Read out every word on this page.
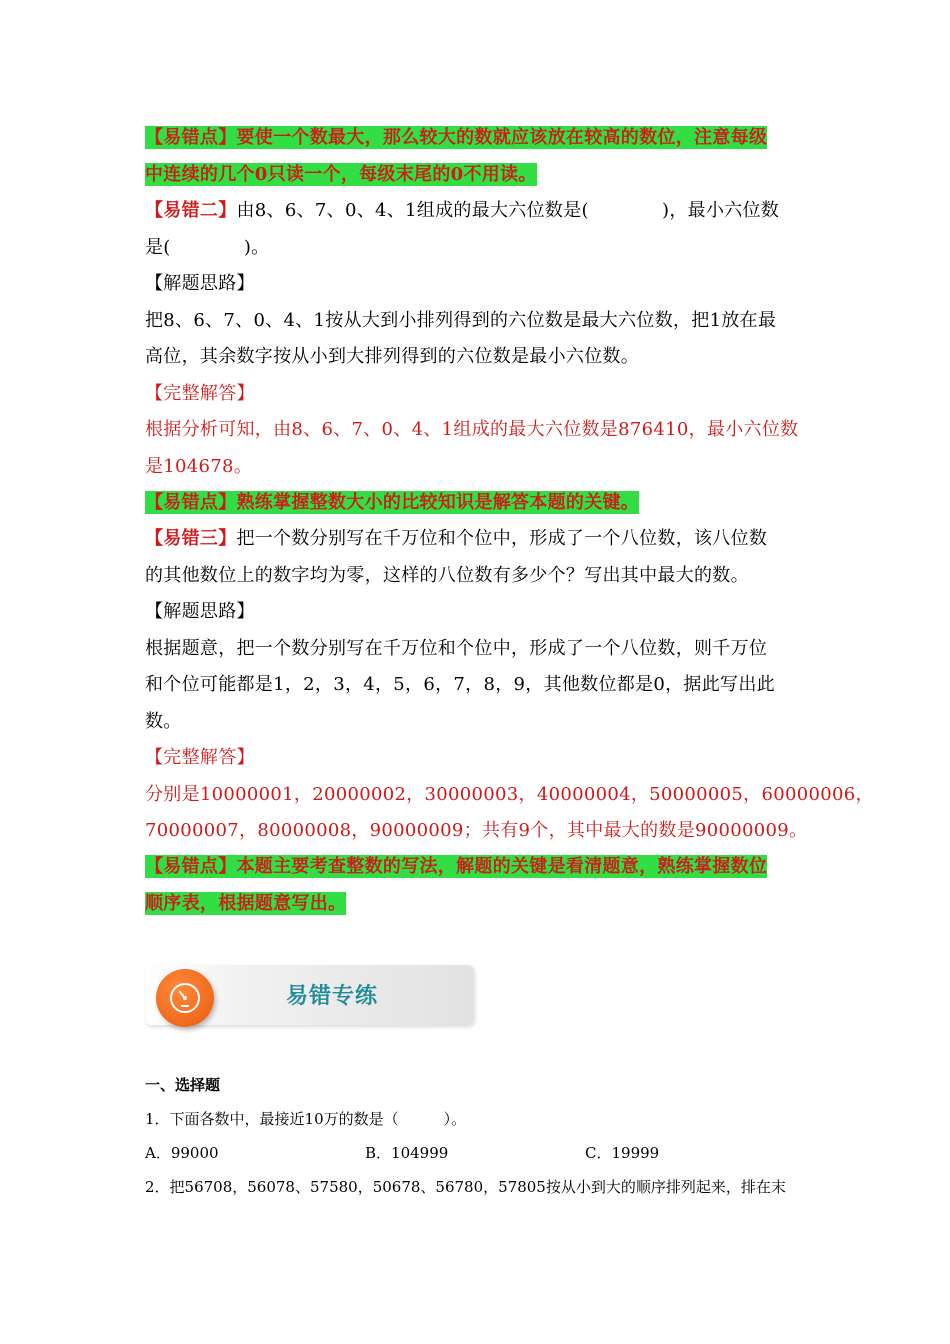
【易错点】要使一个数最大，那么较大的数就应该放在较高的数位，注意每级
中连续的几个0只读一个，每级末尾的0不用读。
【易错二】由8、6、7、0、4、1组成的最大六位数是(　　　　)，最小六位数
是(　　　　)。
【解题思路】
把8、6、7、0、4、1按从大到小排列得到的六位数是最大六位数，把1放在最
高位，其余数字按从小到大排列得到的六位数是最小六位数。
【完整解答】
根据分析可知，由8、6、7、0、4、1组成的最大六位数是876410，最小六位数
是104678。
【易错点】熟练掌握整数大小的比较知识是解答本题的关键。
【易错三】把一个数分别写在千万位和个位中，形成了一个八位数，该八位数
的其他数位上的数字均为零，这样的八位数有多少个？写出其中最大的数。
【解题思路】
根据题意，把一个数分别写在千万位和个位中，形成了一个八位数，则千万位
和个位可能都是1，2，3，4，5，6，7，8，9，其他数位都是0，据此写出此
数。
【完整解答】
分别是10000001，20000002，30000003，40000004，50000005，60000006，
70000007，80000008，90000009；共有9个，其中最大的数是90000009。
【易错点】本题主要考查整数的写法，解题的关键是看清题意，熟练掌握数位
顺序表，根据题意写出。
易错专练
一、选择题
1．下面各数中，最接近10万的数是（　　　）。
A．99000	B．104999	C．19999
2．把56708，56078、57580，50678、56780，57805按从小到大的顺序排列起来，排在末
